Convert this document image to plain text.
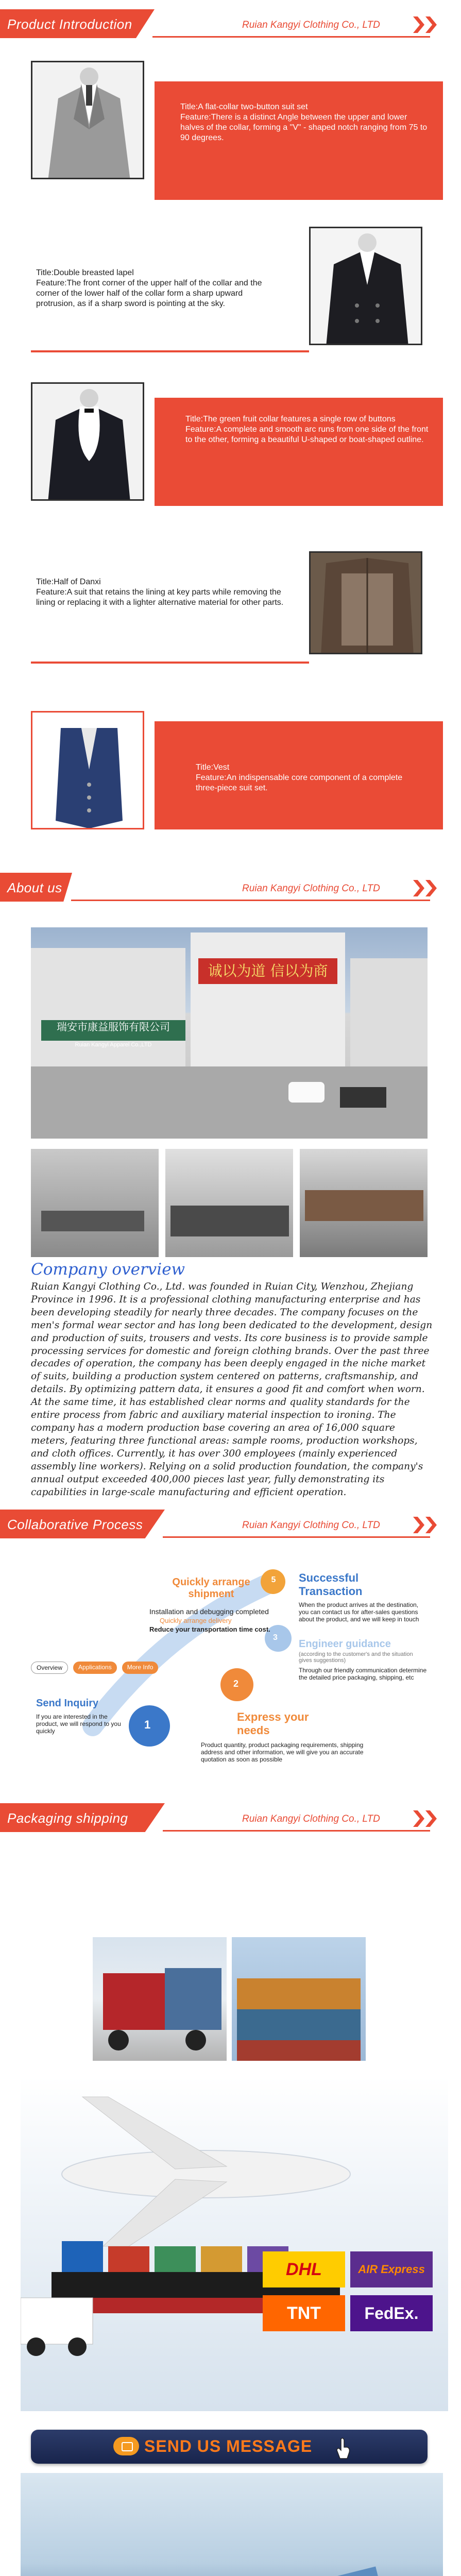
Product Introduction	Ruian Kangyi Clothing Co., LTD
Title:A flat-collar two-button suit set
Feature:There is a distinct Angle between the upper and lower halves of the collar, forming a "V" - shaped notch ranging from 75 to 90 degrees.
Title:Double breasted lapel
Feature:The front corner of the upper half of the collar and the corner of the lower half of the collar form a sharp upward protrusion, as if a sharp sword is pointing at the sky.
Title:The green fruit collar features a single row of buttons
Feature:A complete and smooth arc runs from one side of the front to the other, forming a beautiful U-shaped or boat-shaped outline.
Title:Half of Danxi
Feature:A suit that retains the lining at key parts while removing the lining or replacing it with a lighter alternative material for other parts.
Title:Vest
Feature:An indispensable core component of a complete three-piece suit set.
About us	Ruian Kangyi Clothing Co., LTD
诚以为道 信以为商
瑞安市康益服饰有限公司
Ruian Kangyi Apparel Co.,LTD
Company overview
Ruian Kangyi Clothing Co., Ltd. was founded in Ruian City, Wenzhou, Zhejiang Province in 1996. It is a professional clothing manufacturing enterprise and has been developing steadily for nearly three decades. The company focuses on the men's formal wear sector and has long been dedicated to the development, design and production of suits, trousers and vests. Its core business is to provide sample processing services for domestic and foreign clothing brands. Over the past three decades of operation, the company has been deeply engaged in the niche market of suits, building a production system centered on patterns, craftsmanship, and details. By optimizing pattern data, it ensures a good fit and comfort when worn. At the same time, it has established clear norms and quality standards for the entire process from fabric and auxiliary material inspection to ironing. The company has a modern production base covering an area of 16,000 square meters, featuring three functional areas: sample rooms, production workshops, and cloth offices. Currently, it has over 300 employees (mainly experienced assembly line workers). Relying on a solid production foundation, the company's annual output exceeded 400,000 pieces last year, fully demonstrating its capabilities in large-scale manufacturing and efficient operation.
Collaborative Process	Ruian Kangyi Clothing Co., LTD
1
2
Quickly arrange shipment
Installation and debugging completed
Quickly arrange delivery
Reduce your transportation time cost.
Overview	Applications	More Info
Send Inquiry
If you are interested in the product, we will respond to you quickly
Successful Transaction
When the product arrives at the destination, you can contact us for after-sales questions about the product, and we will keep in touch
Engineer guidance
(according to the customer's and the situation gives suggestions)
Through our friendly communication determine the detailed price packaging, shipping, etc
Express your needs
Product quantity, product packaging requirements, shipping address and other information, we will give you an accurate quotation as soon as possible
5
3
Packaging shipping	Ruian Kangyi Clothing Co., LTD
DHL	AIR Express
TNT	FedEx.
SEND US MESSAGE
